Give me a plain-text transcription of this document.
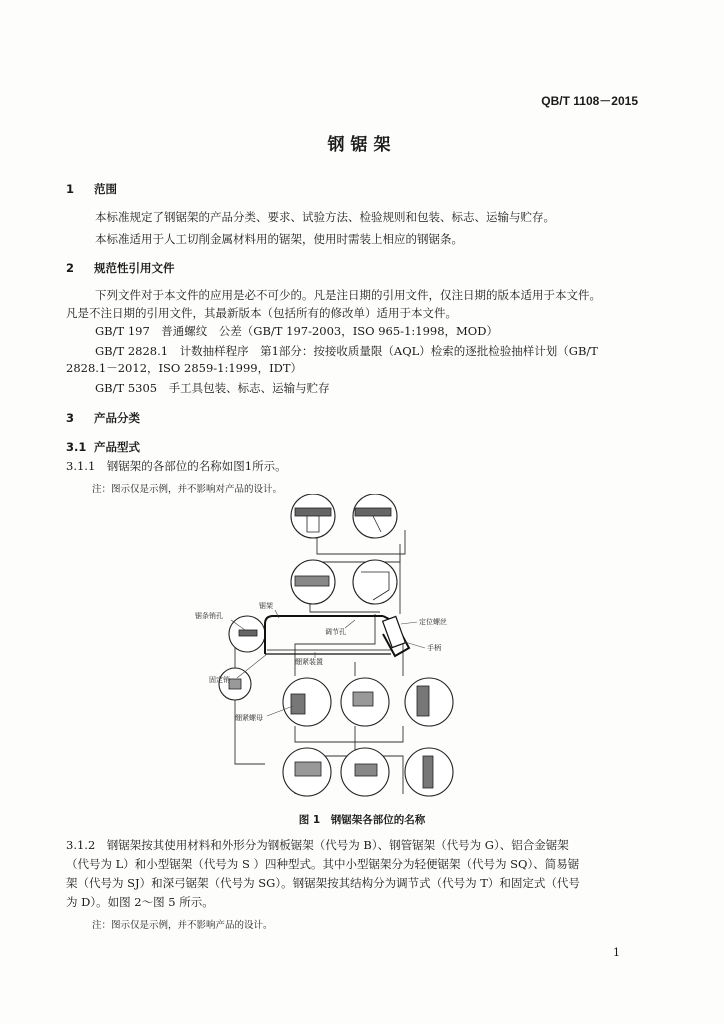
QB/T 1108－2015
钢锯架
1 范围
本标准规定了钢锯架的产品分类、要求、试验方法、检验规则和包装、标志、运输与贮存。
本标准适用于人工切削金属材料用的锯架，使用时需装上相应的钢锯条。
2 规范性引用文件
下列文件对于本文件的应用是必不可少的。凡是注日期的引用文件，仅注日期的版本适用于本文件。
凡是不注日期的引用文件，其最新版本（包括所有的修改单）适用于本文件。
GB/T 197　普通螺纹　公差（GB/T 197-2003，ISO 965-1:1998，MOD）
GB/T 2828.1　计数抽样程序　第1部分：按接收质量限（AQL）检索的逐批检验抽样计划（GB/T
2828.1－2012，ISO 2859-1:1999，IDT）
GB/T 5305　手工具包装、标志、运输与贮存
3 产品分类
3.1 产品型式
3.1.1　钢锯架的各部位的名称如图1所示。
注：图示仅是示例，并不影响对产品的设计。
锯条销孔
锯架
调节孔
定位螺丝
手柄
绷紧装置
固定销
绷紧螺母
图 1　钢锯架各部位的名称
3.1.2　钢锯架按其使用材料和外形分为钢板锯架（代号为 B）、钢管锯架（代号为 G）、铝合金锯架
（代号为 L）和小型锯架（代号为 S ）四种型式。其中小型锯架分为轻便锯架（代号为 SQ）、简易锯
架（代号为 SJ）和深弓锯架（代号为 SG）。钢锯架按其结构分为调节式（代号为 T）和固定式（代号
为 D）。如图 2～图 5 所示。
注：图示仅是示例，并不影响产品的设计。
1
